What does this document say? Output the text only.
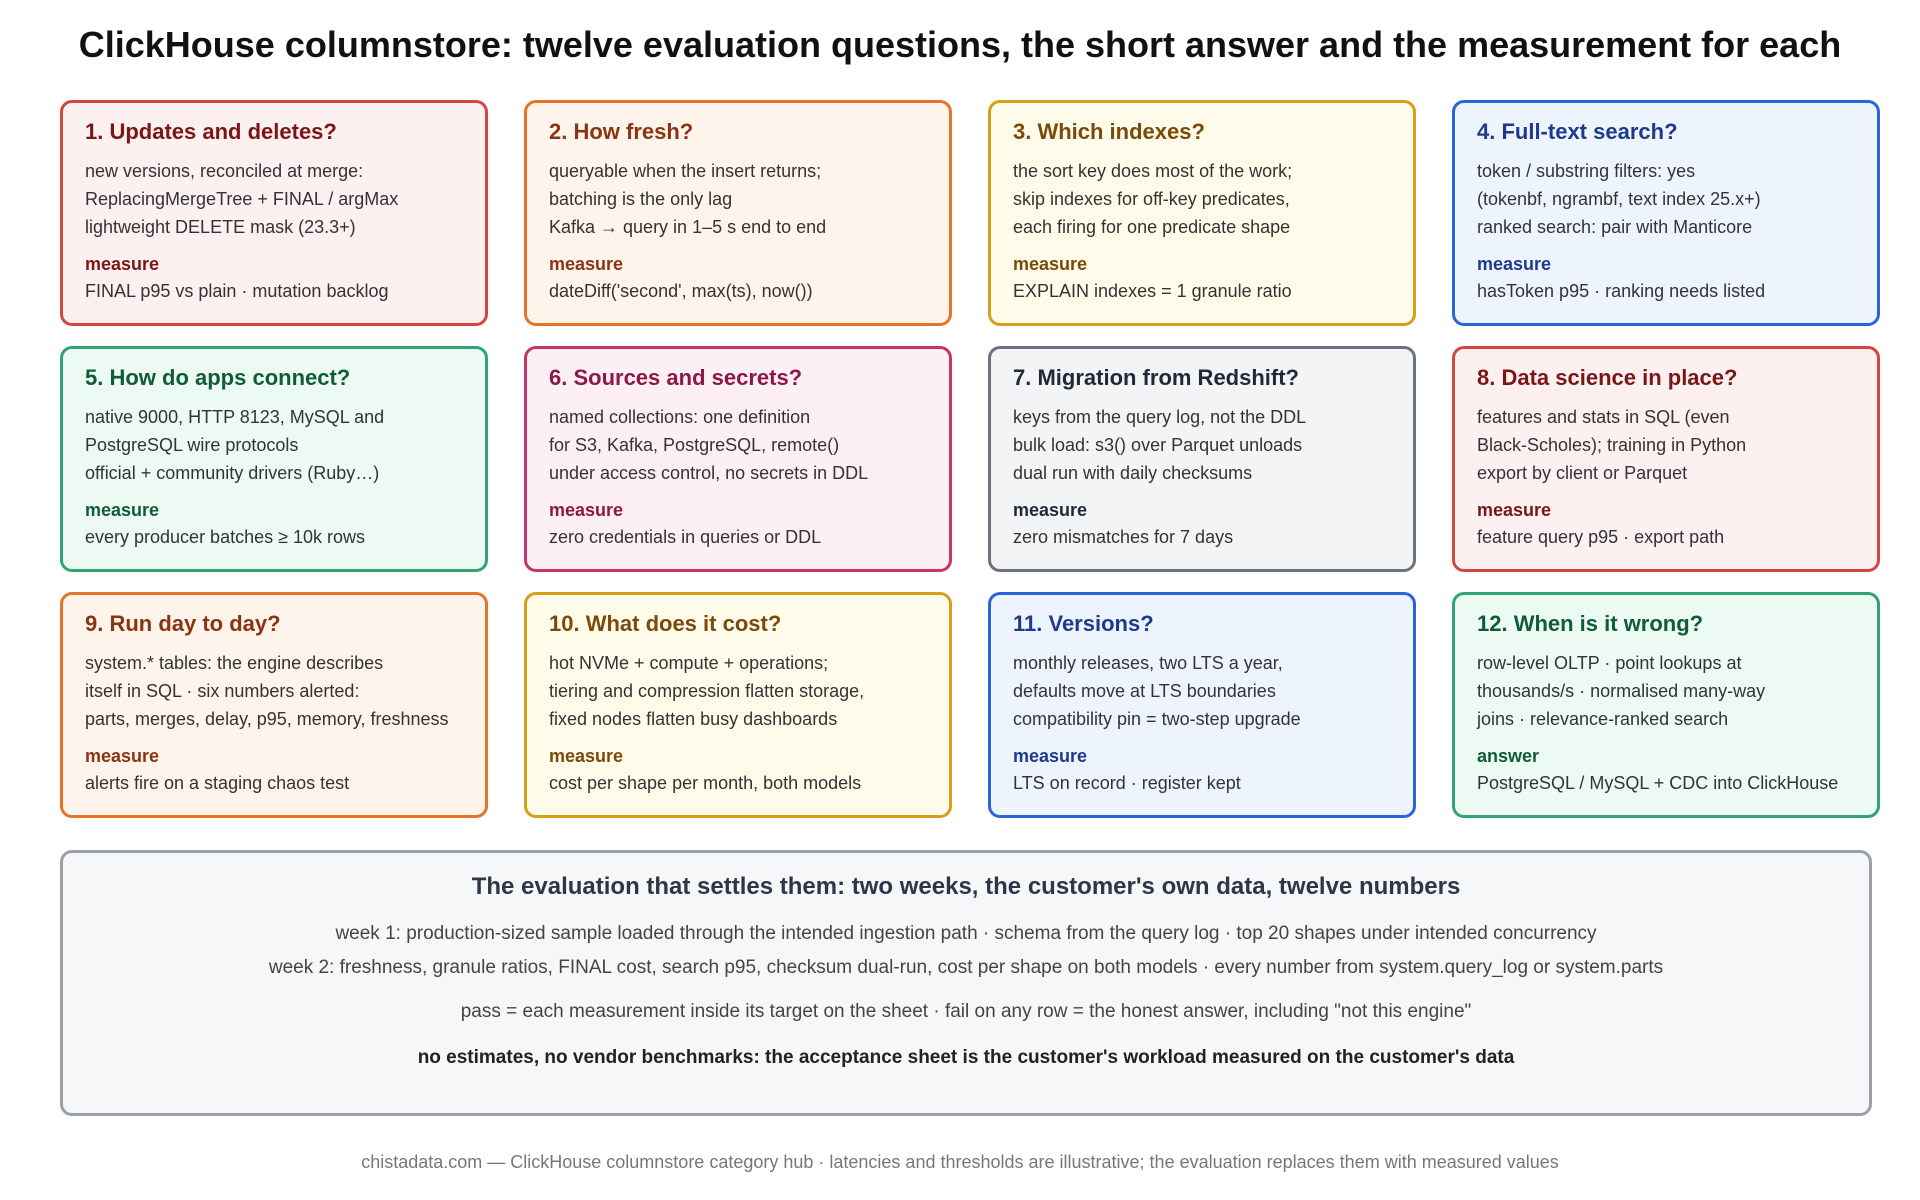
ClickHouse columnstore: twelve evaluation questions, the short answer and the measurement for each
1. Updates and deletes?
new versions, reconciled at merge:
ReplacingMergeTree + FINAL / argMax
lightweight DELETE mask (23.3+)
measure
FINAL p95 vs plain · mutation backlog
2. How fresh?
queryable when the insert returns;
batching is the only lag
Kafka → query in 1–5 s end to end
measure
dateDiff('second', max(ts), now())
3. Which indexes?
the sort key does most of the work;
skip indexes for off-key predicates,
each firing for one predicate shape
measure
EXPLAIN indexes = 1 granule ratio
4. Full-text search?
token / substring filters: yes
(tokenbf, ngrambf, text index 25.x+)
ranked search: pair with Manticore
measure
hasToken p95 · ranking needs listed
5. How do apps connect?
native 9000, HTTP 8123, MySQL and
PostgreSQL wire protocols
official + community drivers (Ruby…)
measure
every producer batches ≥ 10k rows
6. Sources and secrets?
named collections: one definition
for S3, Kafka, PostgreSQL, remote()
under access control, no secrets in DDL
measure
zero credentials in queries or DDL
7. Migration from Redshift?
keys from the query log, not the DDL
bulk load: s3() over Parquet unloads
dual run with daily checksums
measure
zero mismatches for 7 days
8. Data science in place?
features and stats in SQL (even
Black-Scholes); training in Python
export by client or Parquet
measure
feature query p95 · export path
9. Run day to day?
system.* tables: the engine describes
itself in SQL · six numbers alerted:
parts, merges, delay, p95, memory, freshness
measure
alerts fire on a staging chaos test
10. What does it cost?
hot NVMe + compute + operations;
tiering and compression flatten storage,
fixed nodes flatten busy dashboards
measure
cost per shape per month, both models
11. Versions?
monthly releases, two LTS a year,
defaults move at LTS boundaries
compatibility pin = two-step upgrade
measure
LTS on record · register kept
12. When is it wrong?
row-level OLTP · point lookups at
thousands/s · normalised many-way
joins · relevance-ranked search
answer
PostgreSQL / MySQL + CDC into ClickHouse
The evaluation that settles them: two weeks, the customer's own data, twelve numbers
week 1: production-sized sample loaded through the intended ingestion path · schema from the query log · top 20 shapes under intended concurrency
week 2: freshness, granule ratios, FINAL cost, search p95, checksum dual-run, cost per shape on both models · every number from system.query_log or system.parts
pass = each measurement inside its target on the sheet · fail on any row = the honest answer, including "not this engine"
no estimates, no vendor benchmarks: the acceptance sheet is the customer's workload measured on the customer's data
chistadata.com — ClickHouse columnstore category hub · latencies and thresholds are illustrative; the evaluation replaces them with measured values
